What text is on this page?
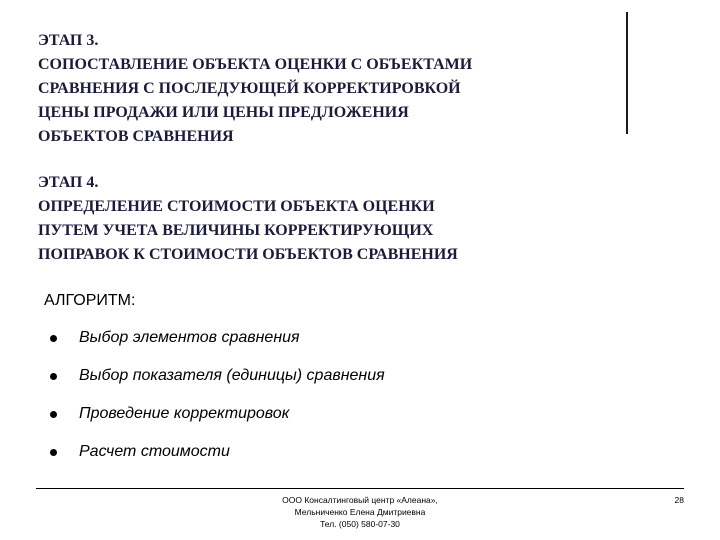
ЭТАП 3.
СОПОСТАВЛЕНИЕ ОБЪЕКТА ОЦЕНКИ С ОБЪЕКТАМИ
СРАВНЕНИЯ С ПОСЛЕДУЮЩЕЙ КОРРЕКТИРОВКОЙ
ЦЕНЫ ПРОДАЖИ ИЛИ ЦЕНЫ ПРЕДЛОЖЕНИЯ
ОБЪЕКТОВ СРАВНЕНИЯ
ЭТАП 4.
ОПРЕДЕЛЕНИЕ СТОИМОСТИ ОБЪЕКТА ОЦЕНКИ
ПУТЕМ УЧЕТА ВЕЛИЧИНЫ КОРРЕКТИРУЮЩИХ
ПОПРАВОК К СТОИМОСТИ ОБЪЕКТОВ СРАВНЕНИЯ
АЛГОРИТМ:
Выбор элементов сравнения
Выбор показателя (единицы) сравнения
Проведение корректировок
Расчет стоимости
ООО Консалтинговый центр «Алеана»,
Мельниченко Елена Дмитриевна
Тел. (050) 580-07-30
28
